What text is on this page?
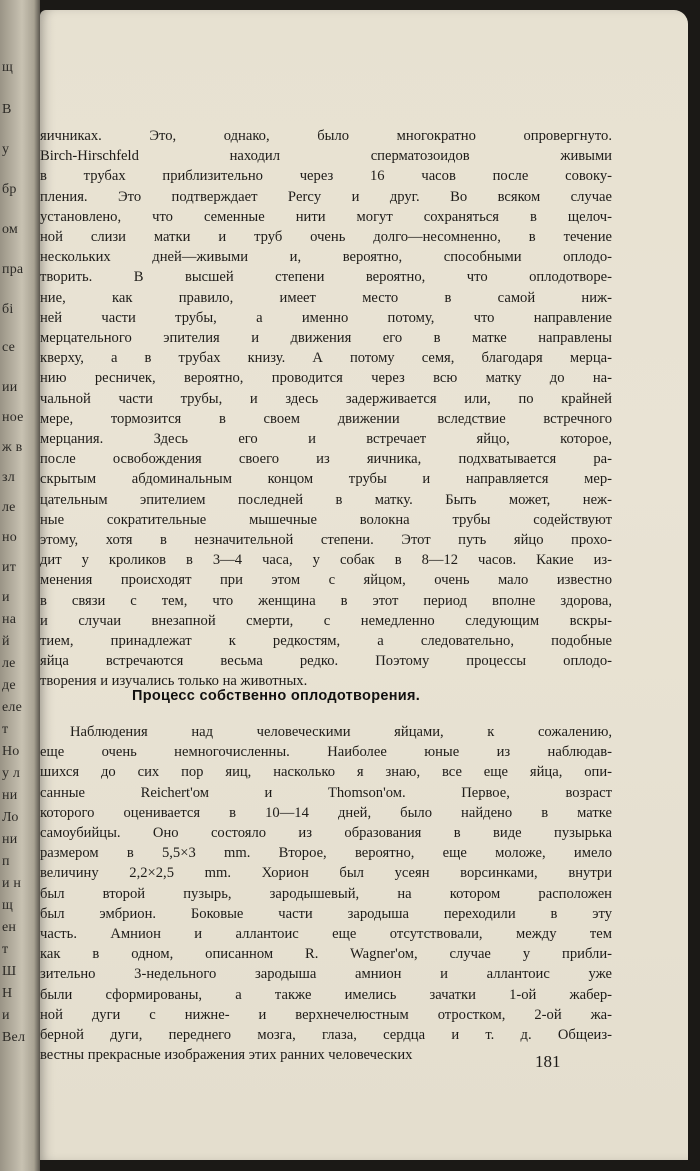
щ
В
у
бр
ом
пра
бі
се
ии
ное
ж в
зл
ле
но
ит
и
на
й
ле
де
еле
т
Но
у л
ни
Ло
ни
п
и н
щ
ен
т
Ш
Н
и
Вел
яичниках. Это, однако, было многократно опровергнуто.
Birch-Hirschfeld находил сперматозоидов живыми
в трубах приблизительно через 16 часов после совоку-
пления. Это подтверждает Percy и друг. Во всяком случае
установлено, что семенные нити могут сохраняться в щелоч-
ной слизи матки и труб очень долго—несомненно, в течение
нескольких дней—живыми и, вероятно, способными оплодо-
творить. В высшей степени вероятно, что оплодотворе-
ние, как правило, имеет место в самой ниж-
ней части трубы, а именно потому, что направление
мерцательного эпителия и движения его в матке направлены
кверху, а в трубах книзу. А потому семя, благодаря мерца-
нию ресничек, вероятно, проводится через всю матку до на-
чальной части трубы, и здесь задерживается или, по крайней
мере, тормозится в своем движении вследствие встречного
мерцания. Здесь его и встречает яйцо, которое,
после освобождения своего из яичника, подхватывается ра-
скрытым абдоминальным концом трубы и направляется мер-
цательным эпителием последней в матку. Быть может, неж-
ные сократительные мышечные волокна трубы содействуют
этому, хотя в незначительной степени. Этот путь яйцо прохо-
дит у кроликов в 3—4 часа, у собак в 8—12 часов. Какие из-
менения происходят при этом с яйцом, очень мало известно
в связи с тем, что женщина в этот период вполне здорова,
и случаи внезапной смерти, с немедленно следующим вскры-
тием, принадлежат к редкостям, а следовательно, подобные
яйца встречаются весьма редко. Поэтому процессы оплодо-
творения и изучались только на животных.
Процесс собственно оплодотворения.
Наблюдения над человеческими яйцами, к сожалению,
еще очень немногочисленны. Наиболее юные из наблюдав-
шихся до сих пор яиц, насколько я знаю, все еще яйца, опи-
санные Reichert'ом и Thomson'ом. Первое, возраст
которого оценивается в 10—14 дней, было найдено в матке
самоубийцы. Оно состояло из образования в виде пузырька
размером в 5,5×3 mm. Второе, вероятно, еще моложе, имело
величину 2,2×2,5 mm. Хорион был усеян ворсинками, внутри
был второй пузырь, зародышевый, на котором расположен
был эмбрион. Боковые части зародыша переходили в эту
часть. Амнион и аллантоис еще отсутствовали, между тем
как в одном, описанном R. Wagner'ом, случае у прибли-
зительно 3-недельного зародыша амнион и аллантоис уже
были сформированы, а также имелись зачатки 1-ой жабер-
ной дуги с нижне- и верхнечелюстным отростком, 2-ой жа-
берной дуги, переднего мозга, глаза, сердца и т. д. Общеиз-
вестны прекрасные изображения этих ранних человеческих	181
